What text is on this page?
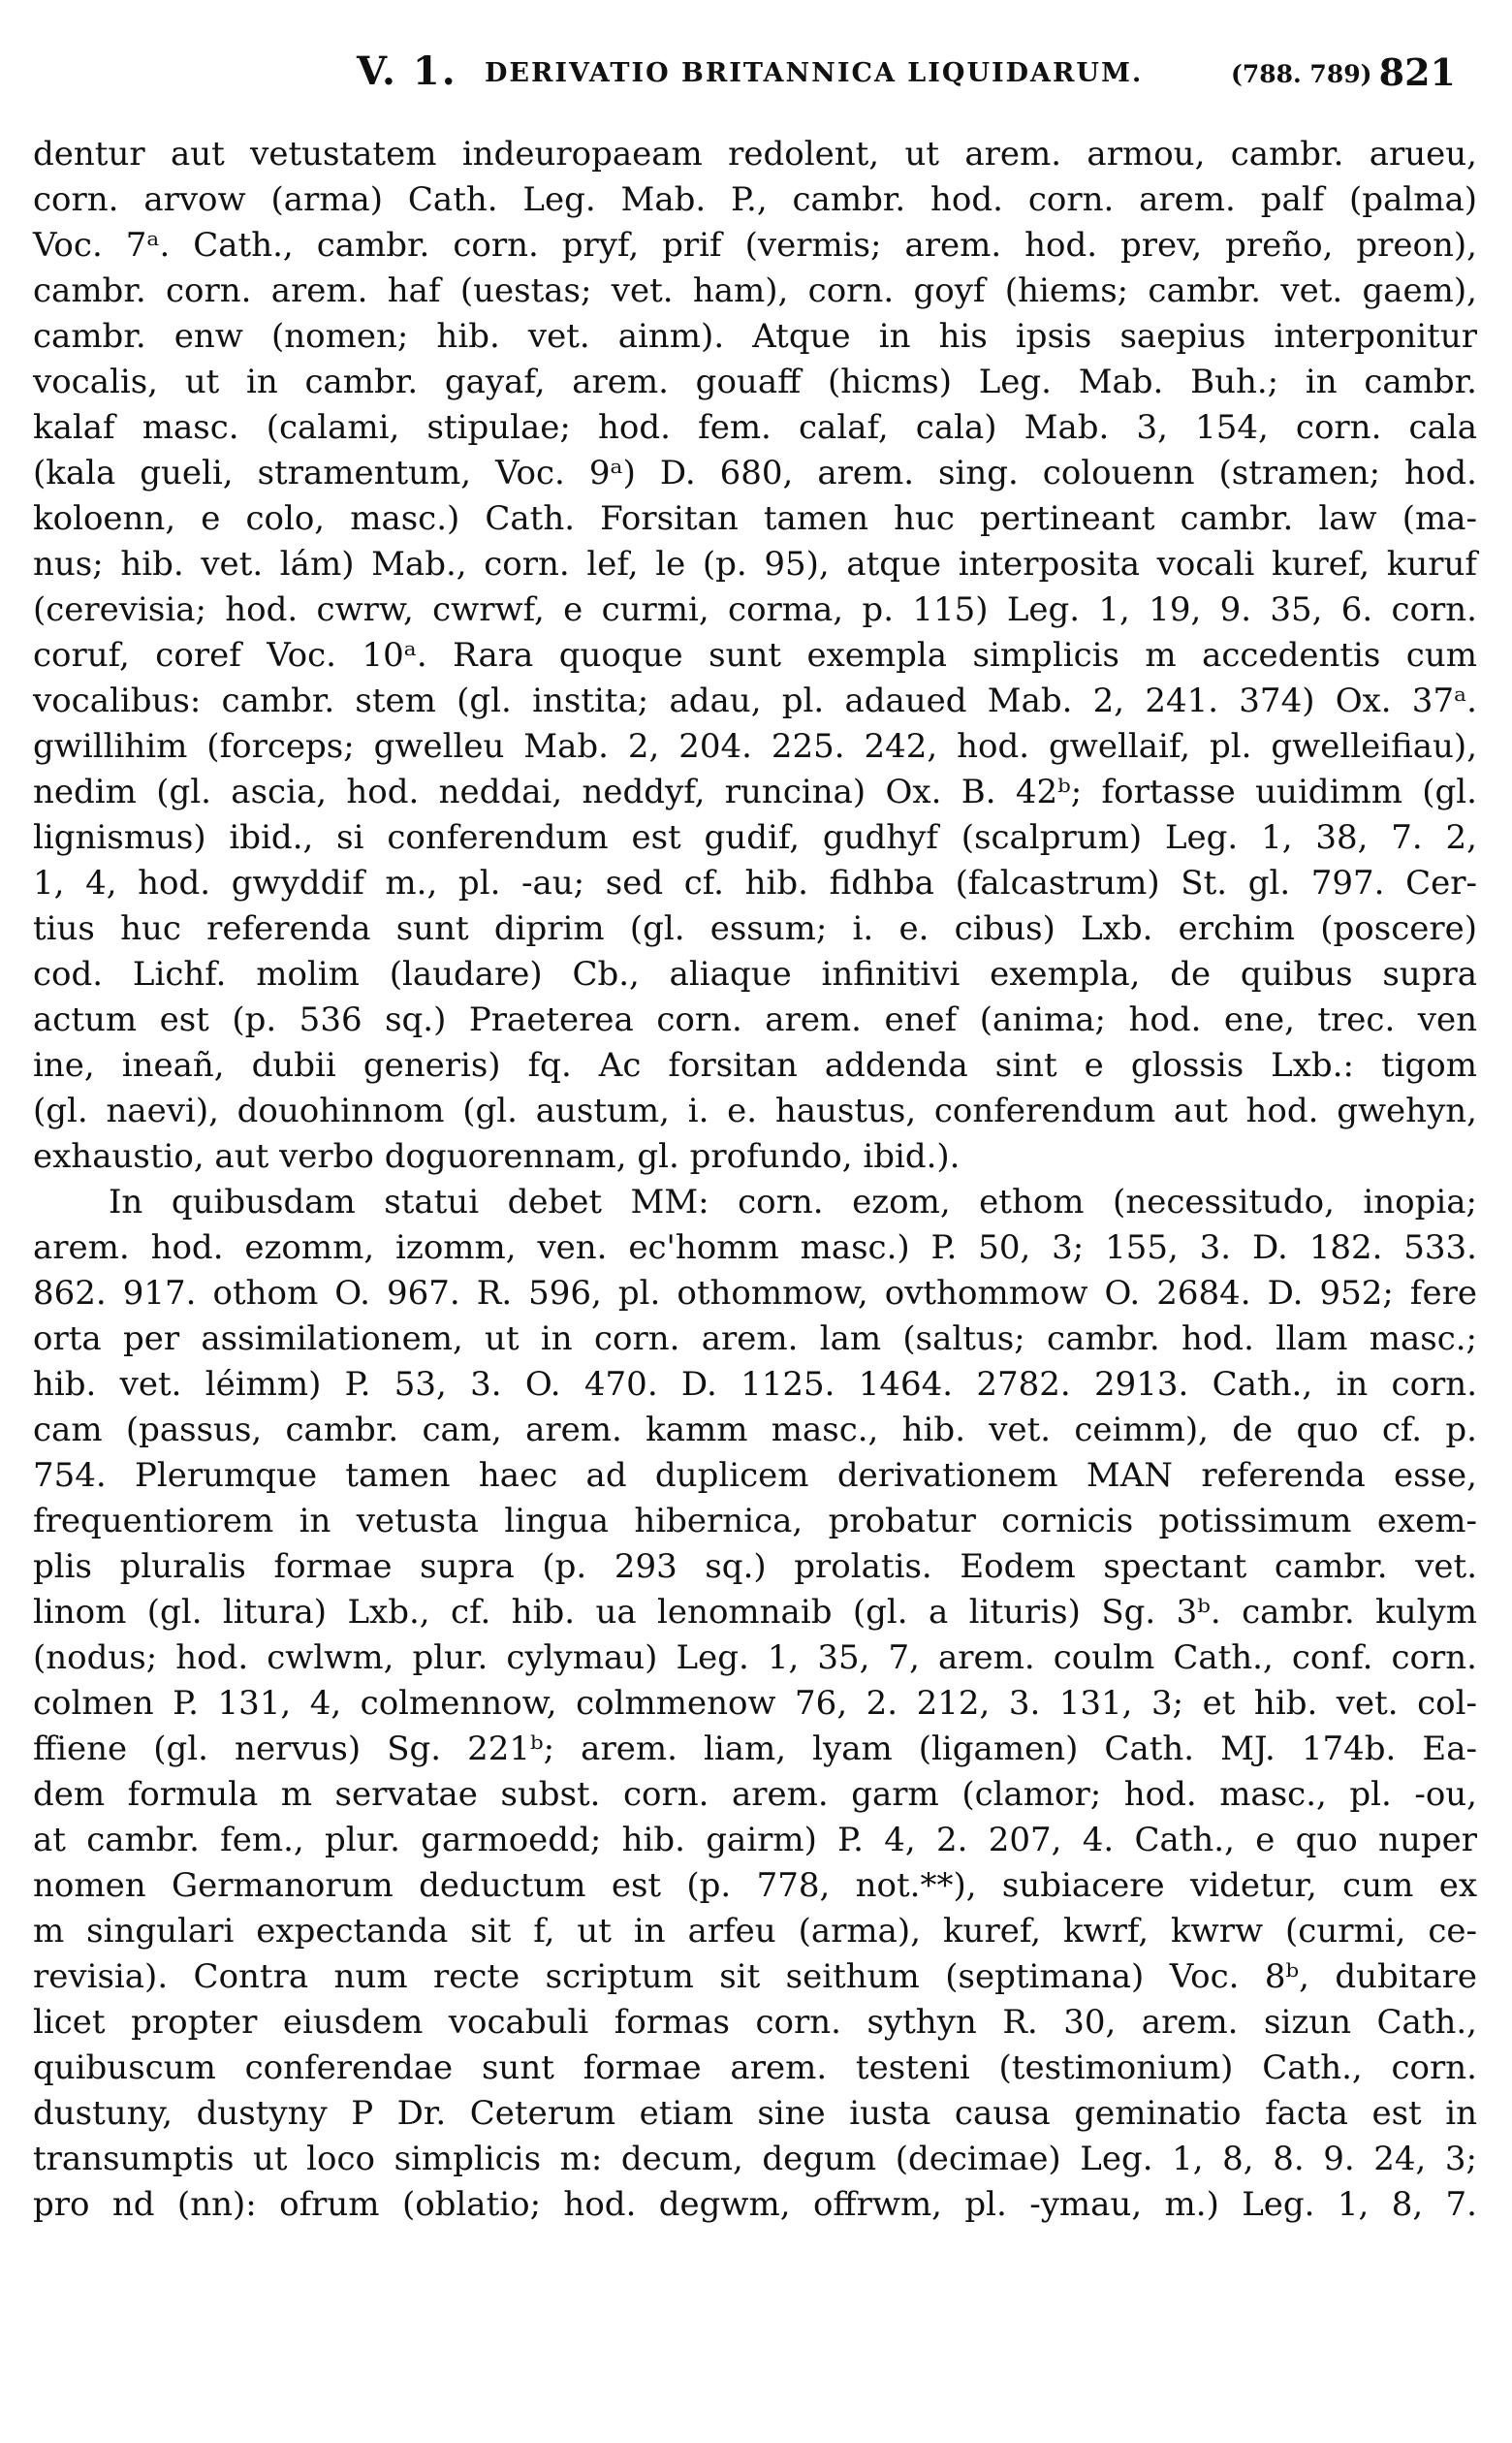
V. 1. DERIVATIO BRITANNICA LIQUIDARUM.	(788. 789) 821
dentur aut vetustatem indeuropaeam redolent, ut arem. armou, cambr. arueu,
corn. arvow (arma) Cath. Leg. Mab. P., cambr. hod. corn. arem. palf (palma)
Voc. 7ᵃ. Cath., cambr. corn. pryf, prif (vermis; arem. hod. prev, preño, preon),
cambr. corn. arem. haf (uestas; vet. ham), corn. goyf (hiems; cambr. vet. gaem),
cambr. enw (nomen; hib. vet. ainm). Atque in his ipsis saepius interponitur
vocalis, ut in cambr. gayaf, arem. gouaff (hicms) Leg. Mab. Buh.; in cambr.
kalaf masc. (calami, stipulae; hod. fem. calaf, cala) Mab. 3, 154, corn. cala
(kala gueli, stramentum, Voc. 9ᵃ) D. 680, arem. sing. colouenn (stramen; hod.
koloenn, e colo, masc.) Cath. Forsitan tamen huc pertineant cambr. law (ma-
nus; hib. vet. lám) Mab., corn. lef, le (p. 95), atque interposita vocali kuref, kuruf
(cerevisia; hod. cwrw, cwrwf, e curmi, corma, p. 115) Leg. 1, 19, 9. 35, 6. corn.
coruf, coref Voc. 10ᵃ. Rara quoque sunt exempla simplicis m accedentis cum
vocalibus: cambr. stem (gl. instita; adau, pl. adaued Mab. 2, 241. 374) Ox. 37ᵃ.
gwillihim (forceps; gwelleu Mab. 2, 204. 225. 242, hod. gwellaif, pl. gwelleifiau),
nedim (gl. ascia, hod. neddai, neddyf, runcina) Ox. B. 42ᵇ; fortasse uuidimm (gl.
lignismus) ibid., si conferendum est gudif, gudhyf (scalprum) Leg. 1, 38, 7. 2,
1, 4, hod. gwyddif m., pl. -au; sed cf. hib. fidhba (falcastrum) St. gl. 797. Cer-
tius huc referenda sunt diprim (gl. essum; i. e. cibus) Lxb. erchim (poscere)
cod. Lichf. molim (laudare) Cb., aliaque infinitivi exempla, de quibus supra
actum est (p. 536 sq.) Praeterea corn. arem. enef (anima; hod. ene, trec. ven
ine, ineañ, dubii generis) fq. Ac forsitan addenda sint e glossis Lxb.: tigom
(gl. naevi), douohinnom (gl. austum, i. e. haustus, conferendum aut hod. gwehyn,
exhaustio, aut verbo doguorennam, gl. profundo, ibid.).
In quibusdam statui debet MM: corn. ezom, ethom (necessitudo, inopia;
arem. hod. ezomm, izomm, ven. ec'homm masc.) P. 50, 3; 155, 3. D. 182. 533.
862. 917. othom O. 967. R. 596, pl. othommow, ovthommow O. 2684. D. 952; fere
orta per assimilationem, ut in corn. arem. lam (saltus; cambr. hod. llam masc.;
hib. vet. léimm) P. 53, 3. O. 470. D. 1125. 1464. 2782. 2913. Cath., in corn.
cam (passus, cambr. cam, arem. kamm masc., hib. vet. ceimm), de quo cf. p.
754. Plerumque tamen haec ad duplicem derivationem MAN referenda esse,
frequentiorem in vetusta lingua hibernica, probatur cornicis potissimum exem-
plis pluralis formae supra (p. 293 sq.) prolatis. Eodem spectant cambr. vet.
linom (gl. litura) Lxb., cf. hib. ua lenomnaib (gl. a lituris) Sg. 3ᵇ. cambr. kulym
(nodus; hod. cwlwm, plur. cylymau) Leg. 1, 35, 7, arem. coulm Cath., conf. corn.
colmen P. 131, 4, colmennow, colmmenow 76, 2. 212, 3. 131, 3; et hib. vet. col-
ffiene (gl. nervus) Sg. 221ᵇ; arem. liam, lyam (ligamen) Cath. MJ. 174b. Ea-
dem formula m servatae subst. corn. arem. garm (clamor; hod. masc., pl. -ou,
at cambr. fem., plur. garmoedd; hib. gairm) P. 4, 2. 207, 4. Cath., e quo nuper
nomen Germanorum deductum est (p. 778, not.**), subiacere videtur, cum ex
m singulari expectanda sit f, ut in arfeu (arma), kuref, kwrf, kwrw (curmi, ce-
revisia). Contra num recte scriptum sit seithum (septimana) Voc. 8ᵇ, dubitare
licet propter eiusdem vocabuli formas corn. sythyn R. 30, arem. sizun Cath.,
quibuscum conferendae sunt formae arem. testeni (testimonium) Cath., corn.
dustuny, dustyny P Dr. Ceterum etiam sine iusta causa geminatio facta est in
transumptis ut loco simplicis m: decum, degum (decimae) Leg. 1, 8, 8. 9. 24, 3;
pro nd (nn): ofrum (oblatio; hod. degwm, offrwm, pl. -ymau, m.) Leg. 1, 8, 7.
